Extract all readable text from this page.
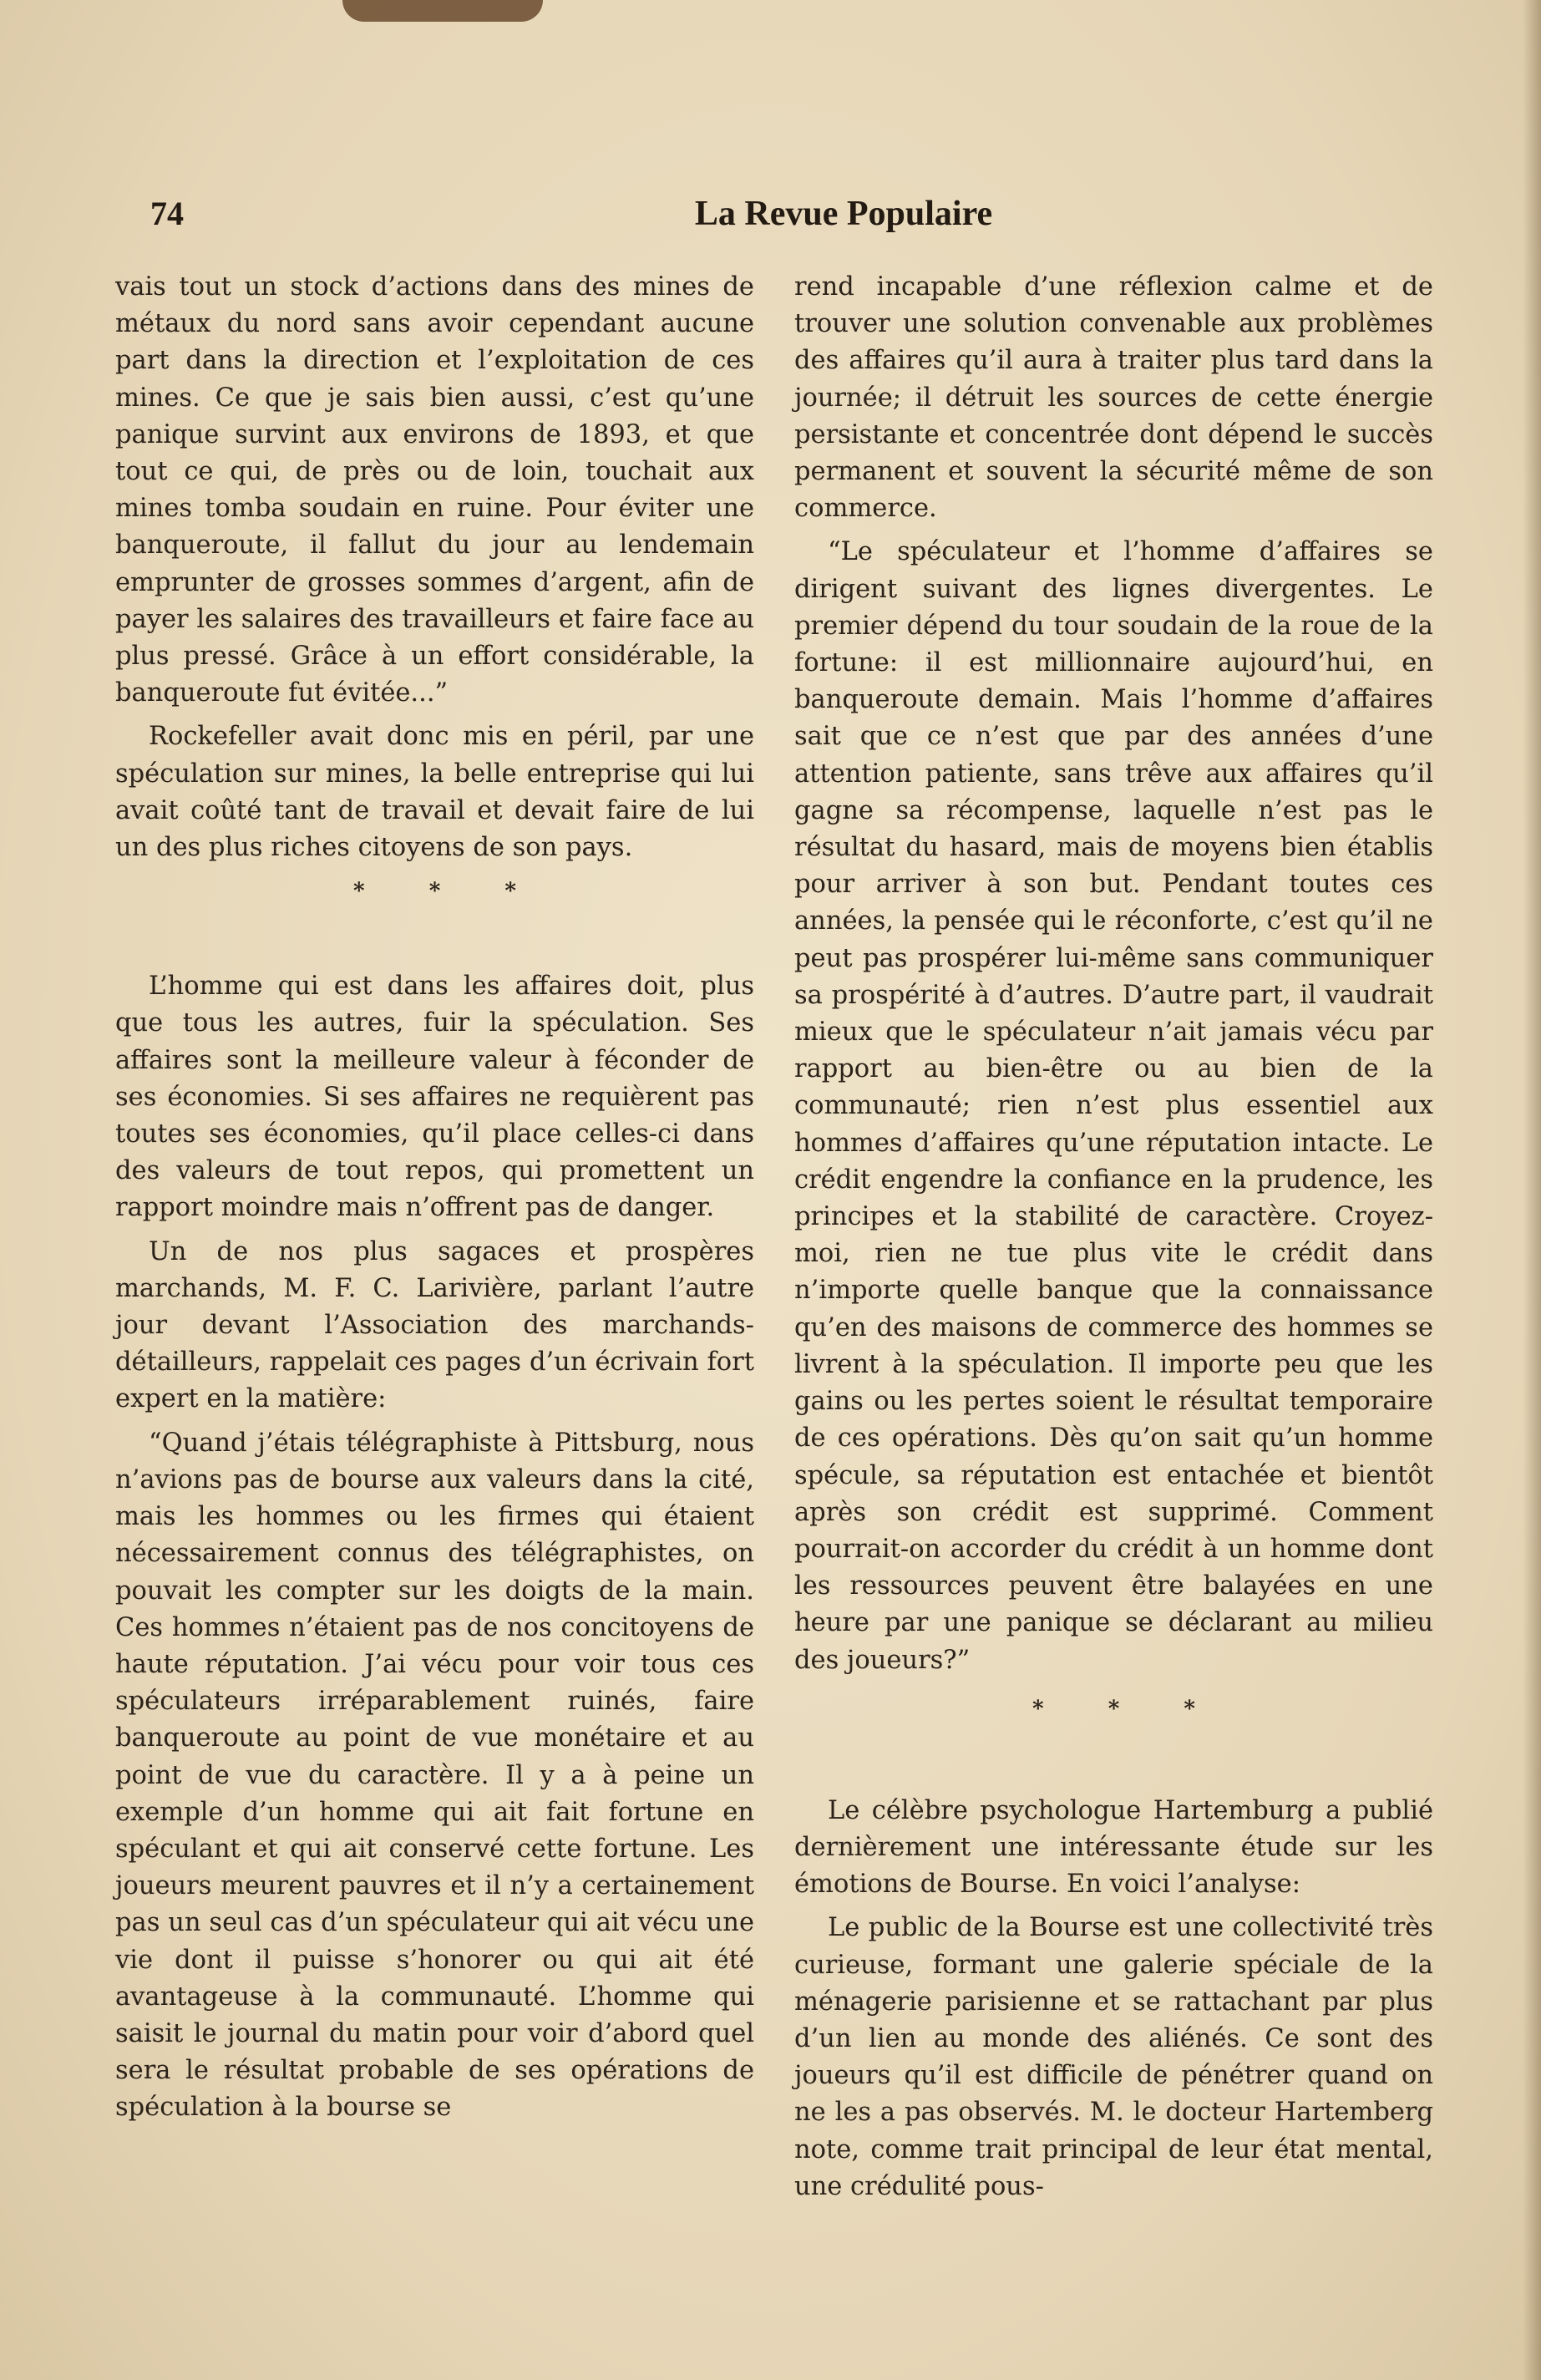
74	La Revue Populaire

vais tout un stock d’actions dans des mines de métaux du nord sans avoir cependant aucune part dans la direction et l’exploitation de ces mines. Ce que je sais bien aussi, c’est qu’une panique survint aux environs de 1893, et que tout ce qui, de près ou de loin, touchait aux mines tomba soudain en ruine. Pour éviter une banqueroute, il fallut du jour au lendemain emprunter de grosses sommes d’argent, afin de payer les salaires des travailleurs et faire face au plus pressé. Grâce à un effort considérable, la banqueroute fut évitée...”

Rockefeller avait donc mis en péril, par une spéculation sur mines, la belle entreprise qui lui avait coûté tant de travail et devait faire de lui un des plus riches citoyens de son pays.

* * *

L’homme qui est dans les affaires doit, plus que tous les autres, fuir la spéculation. Ses affaires sont la meilleure valeur à féconder de ses économies. Si ses affaires ne requièrent pas toutes ses économies, qu’il place celles-ci dans des valeurs de tout repos, qui promettent un rapport moindre mais n’offrent pas de danger.

Un de nos plus sagaces et prospères marchands, M. F. C. Larivière, parlant l’autre jour devant l’Association des marchands-détailleurs, rappelait ces pages d’un écrivain fort expert en la matière:

“Quand j’étais télégraphiste à Pittsburg, nous n’avions pas de bourse aux valeurs dans la cité, mais les hommes ou les firmes qui étaient nécessairement connus des télégraphistes, on pouvait les compter sur les doigts de la main. Ces hommes n’étaient pas de nos concitoyens de haute réputation. J’ai vécu pour voir tous ces spéculateurs irréparablement ruinés, faire banqueroute au point de vue monétaire et au point de vue du caractère. Il y a à peine un exemple d’un homme qui ait fait fortune en spéculant et qui ait conservé cette fortune. Les joueurs meurent pauvres et il n’y a certainement pas un seul cas d’un spéculateur qui ait vécu une vie dont il puisse s’honorer ou qui ait été avantageuse à la communauté. L’homme qui saisit le journal du matin pour voir d’abord quel sera le résultat probable de ses opérations de spéculation à la bourse se

rend incapable d’une réflexion calme et de trouver une solution convenable aux problèmes des affaires qu’il aura à traiter plus tard dans la journée; il détruit les sources de cette énergie persistante et concentrée dont dépend le succès permanent et souvent la sécurité même de son commerce.

“Le spéculateur et l’homme d’affaires se dirigent suivant des lignes divergentes. Le premier dépend du tour soudain de la roue de la fortune: il est millionnaire aujourd’hui, en banqueroute demain. Mais l’homme d’affaires sait que ce n’est que par des années d’une attention patiente, sans trêve aux affaires qu’il gagne sa récompense, laquelle n’est pas le résultat du hasard, mais de moyens bien établis pour arriver à son but. Pendant toutes ces années, la pensée qui le réconforte, c’est qu’il ne peut pas prospérer lui-même sans communiquer sa prospérité à d’autres. D’autre part, il vaudrait mieux que le spéculateur n’ait jamais vécu par rapport au bien-être ou au bien de la communauté; rien n’est plus essentiel aux hommes d’affaires qu’une réputation intacte. Le crédit engendre la confiance en la prudence, les principes et la stabilité de caractère. Croyez-moi, rien ne tue plus vite le crédit dans n’importe quelle banque que la connaissance qu’en des maisons de commerce des hommes se livrent à la spéculation. Il importe peu que les gains ou les pertes soient le résultat temporaire de ces opérations. Dès qu’on sait qu’un homme spécule, sa réputation est entachée et bientôt après son crédit est supprimé. Comment pourrait-on accorder du crédit à un homme dont les ressources peuvent être balayées en une heure par une panique se déclarant au milieu des joueurs?”

* * *

Le célèbre psychologue Hartemburg a publié dernièrement une intéressante étude sur les émotions de Bourse. En voici l’analyse:

Le public de la Bourse est une collectivité très curieuse, formant une galerie spéciale de la ménagerie parisienne et se rattachant par plus d’un lien au monde des aliénés. Ce sont des joueurs qu’il est difficile de pénétrer quand on ne les a pas observés. M. le docteur Hartemberg note, comme trait principal de leur état mental, une crédulité pous-
